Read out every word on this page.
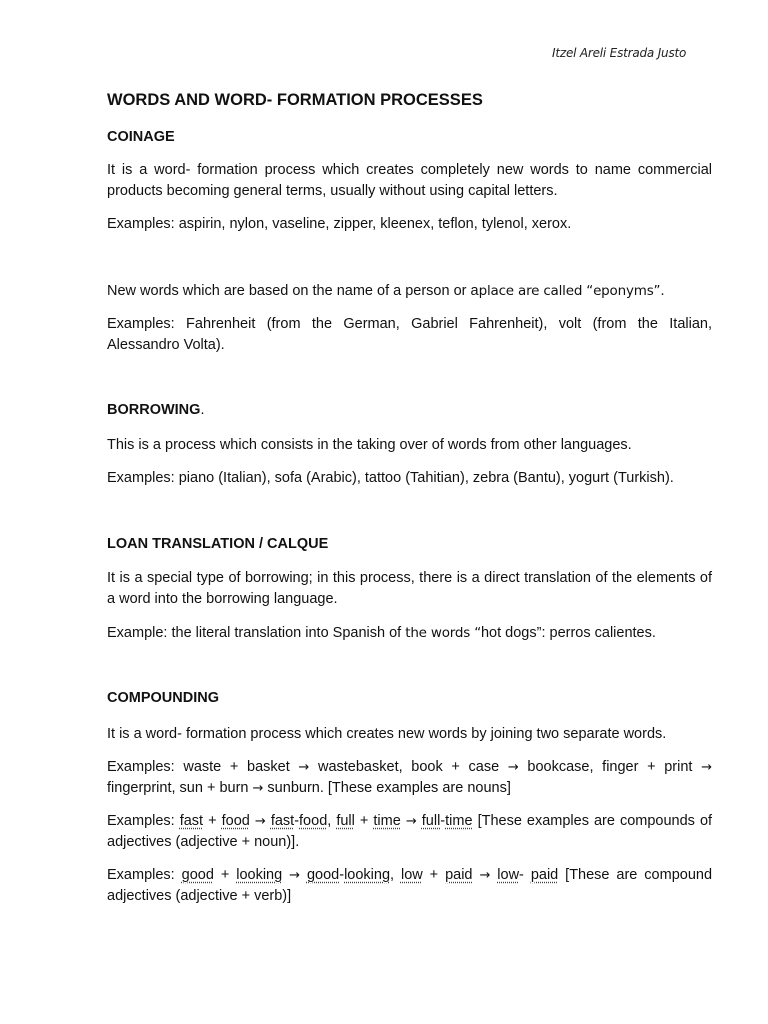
Itzel Areli Estrada Justo
WORDS AND WORD- FORMATION PROCESSES
COINAGE
It is a word- formation process which creates completely new words to name commercial products becoming general terms, usually without using capital letters.
Examples: aspirin, nylon, vaseline, zipper, kleenex, teflon, tylenol, xerox.
New words which are based on the name of a person or aplace are called “eponyms”.
Examples: Fahrenheit (from the German, Gabriel Fahrenheit), volt (from the Italian, Alessandro Volta).
BORROWING.
This is a process which consists in the taking over of words from other languages.
Examples: piano (Italian), sofa (Arabic), tattoo (Tahitian), zebra (Bantu), yogurt (Turkish).
LOAN TRANSLATION / CALQUE
It is a special type of borrowing; in this process, there is a direct translation of the elements of a word into the borrowing language.
Example: the literal translation into Spanish of the words “hot dogs”: perros calientes.
COMPOUNDING
It is a word- formation process which creates new words by joining two separate words.
Examples: waste + basket → wastebasket, book + case → bookcase, finger + print → fingerprint, sun + burn → sunburn. [These examples are nouns]
Examples: fast + food → fast-food, full + time → full-time [These examples are compounds of adjectives (adjective + noun)].
Examples: good + looking → good-looking, low + paid → low- paid [These are compound adjectives (adjective + verb)]
